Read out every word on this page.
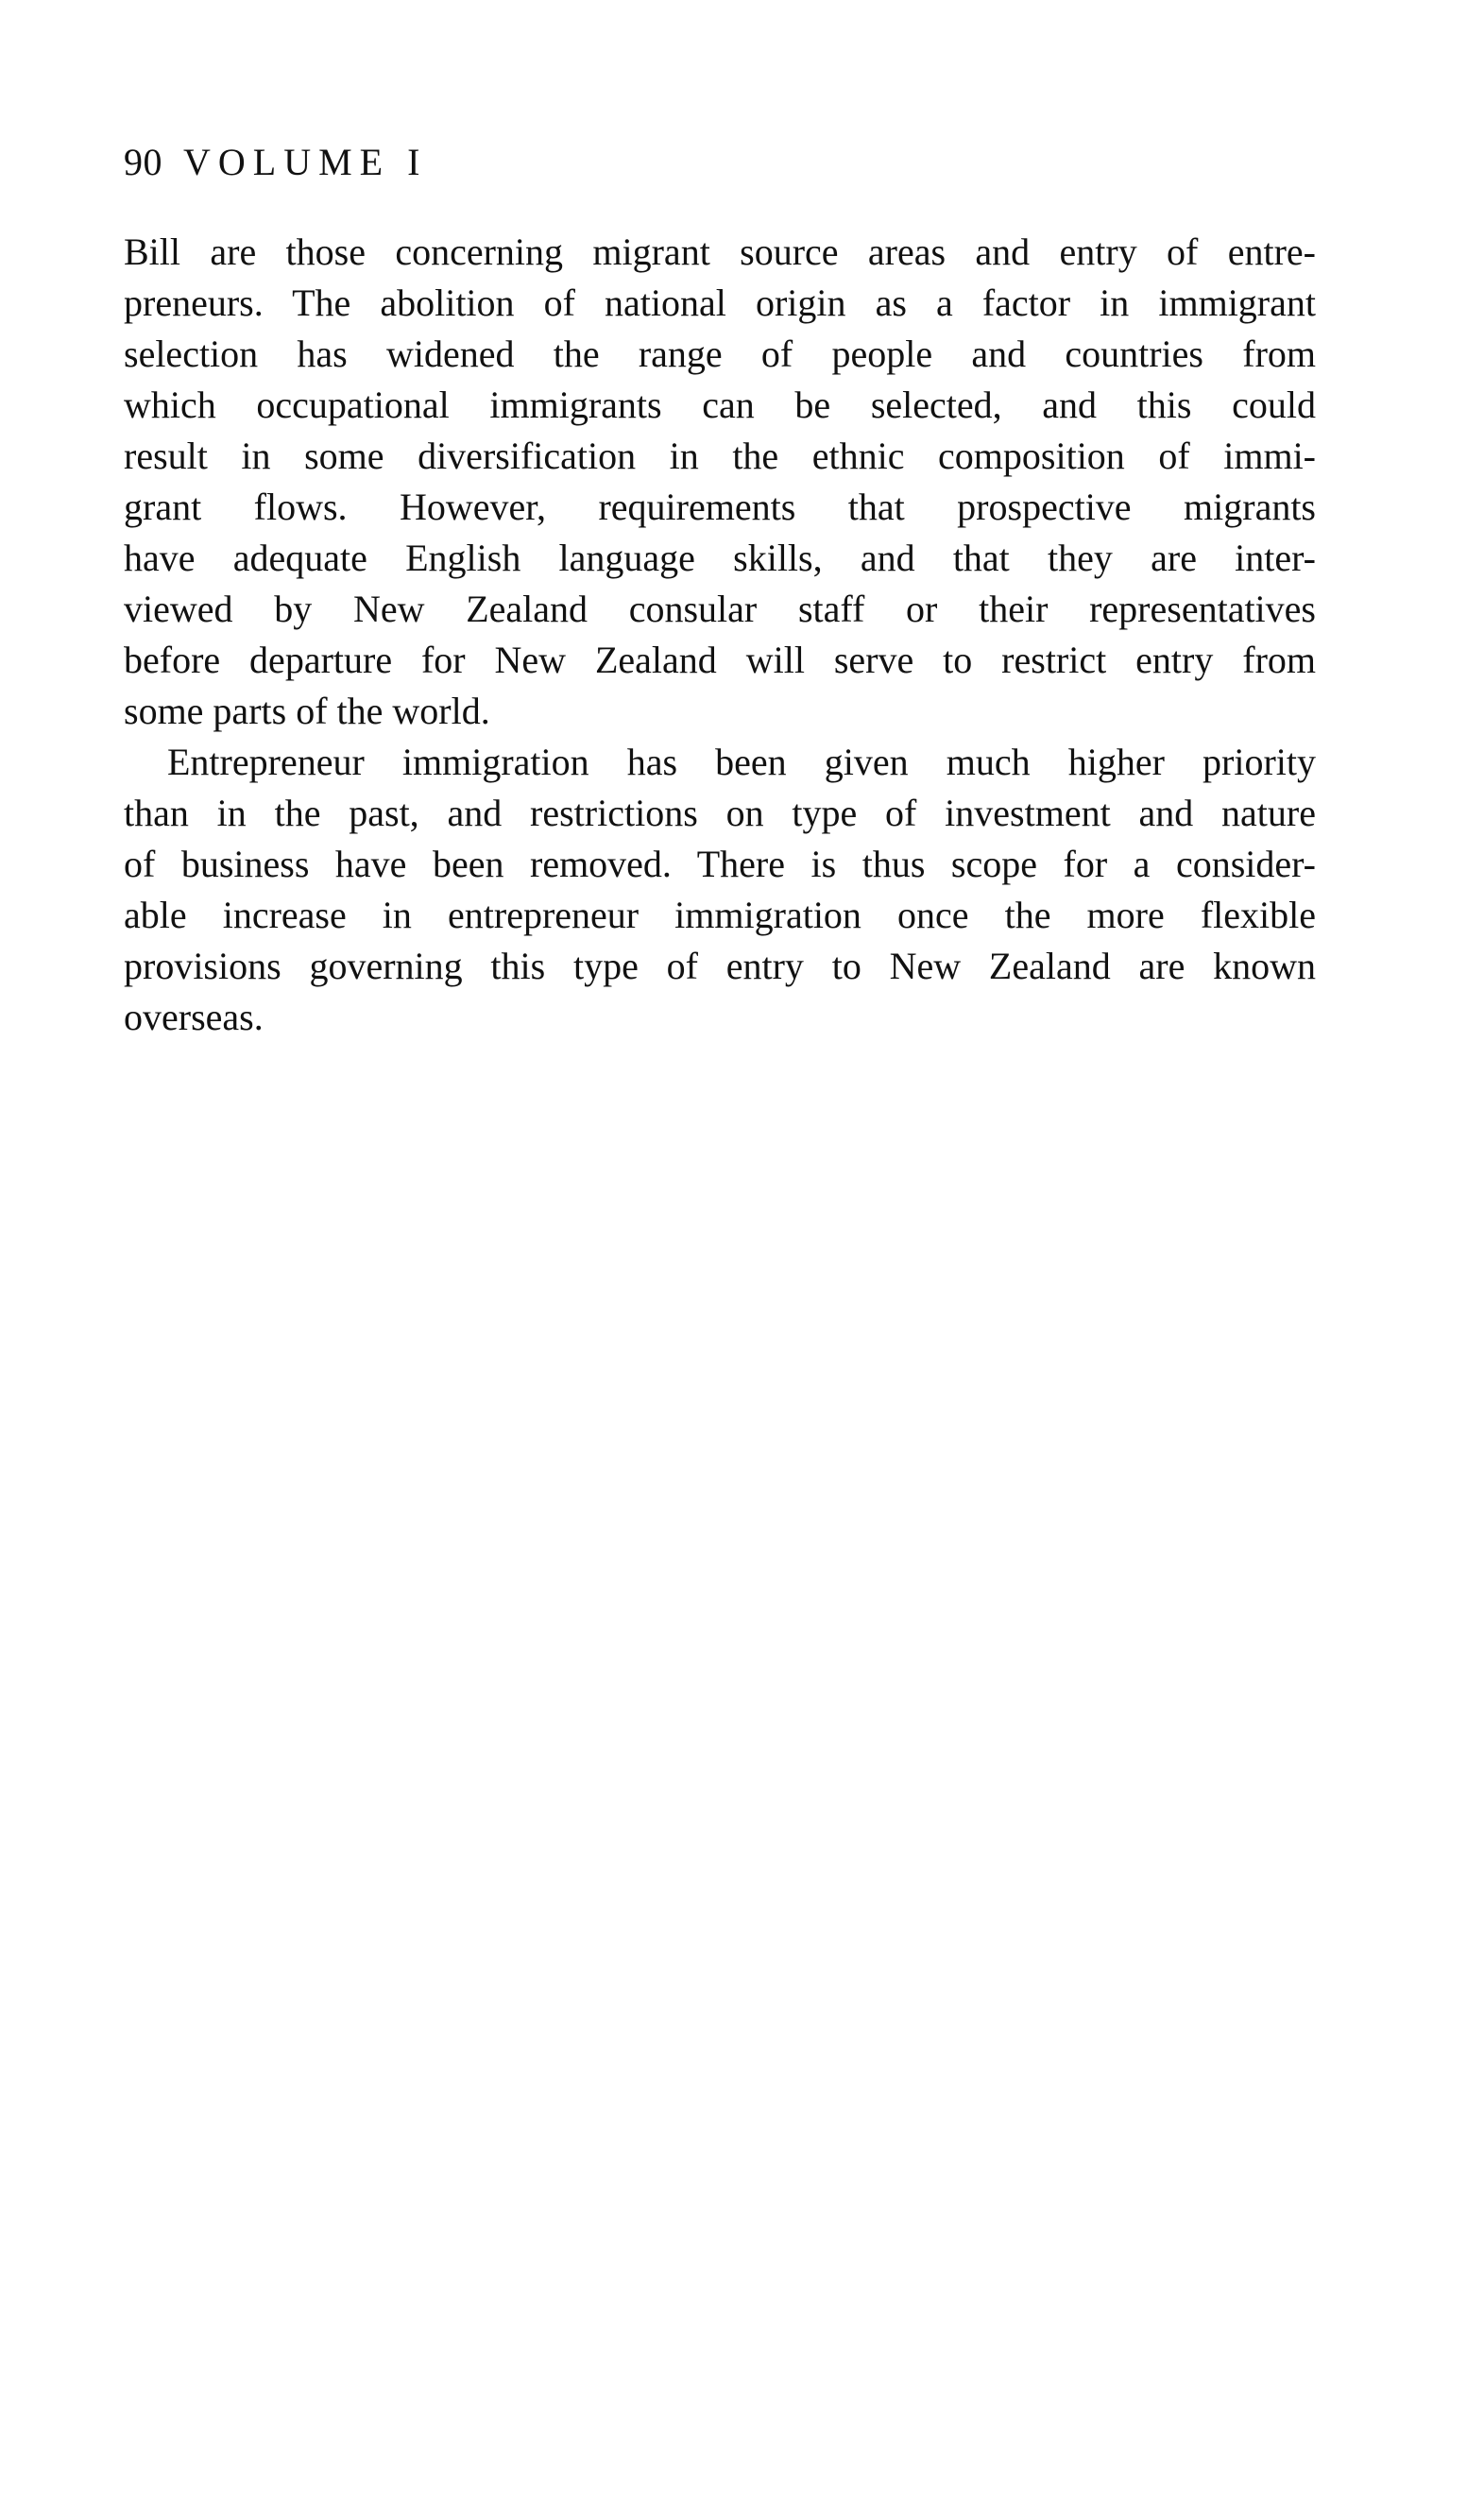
90 VOLUME I

Bill are those concerning migrant source areas and entry of entre-
preneurs. The abolition of national origin as a factor in immigrant
selection has widened the range of people and countries from
which occupational immigrants can be selected, and this could
result in some diversification in the ethnic composition of immi-
grant flows. However, requirements that prospective migrants
have adequate English language skills, and that they are inter-
viewed by New Zealand consular staff or their representatives
before departure for New Zealand will serve to restrict entry from
some parts of the world.

Entrepreneur immigration has been given much higher priority
than in the past, and restrictions on type of investment and nature
of business have been removed. There is thus scope for a consider-
able increase in entrepreneur immigration once the more flexible
provisions governing this type of entry to New Zealand are known
overseas.
